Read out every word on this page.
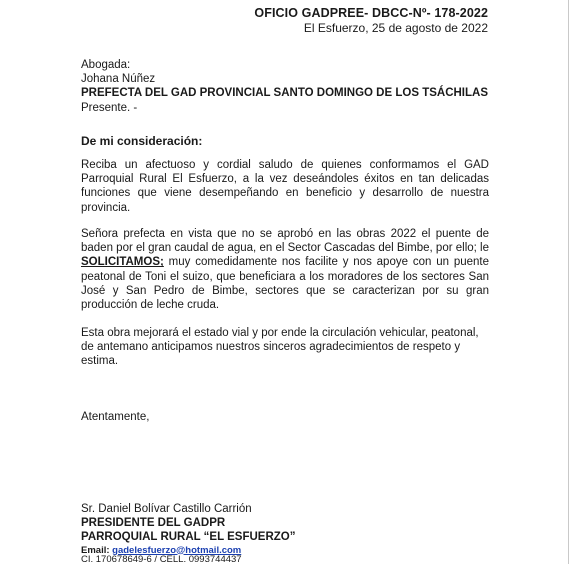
OFICIO GADPREE- DBCC-Nº- 178-2022
El Esfuerzo, 25 de agosto de 2022
Abogada:
Johana Núñez
PREFECTA DEL GAD PROVINCIAL SANTO DOMINGO DE LOS TSÁCHILAS
Presente. -
De mi consideración:
Reciba un afectuoso y cordial saludo de quienes conformamos el GAD Parroquial Rural El Esfuerzo, a la vez deseándoles éxitos en tan delicadas funciones que viene desempeñando en beneficio y desarrollo de nuestra provincia.
Señora prefecta en vista que no se aprobó en las obras 2022 el puente de baden por el gran caudal de agua, en el Sector Cascadas del Bimbe, por ello; le SOLICITAMOS; muy comedidamente nos facilite y nos apoye con un puente peatonal de Toni el suizo, que beneficiara a los moradores de los sectores San José y San Pedro de Bimbe, sectores que se caracterizan por su gran producción de leche cruda.
Esta obra mejorará el estado vial y por ende la circulación vehicular, peatonal, de antemano anticipamos nuestros sinceros agradecimientos de respeto y estima.
Atentamente,
Sr. Daniel Bolívar Castillo Carrión
PRESIDENTE DEL GADPR
PARROQUIAL RURAL “EL ESFUERZO”
Email: gadelesfuerzo@hotmail.com
CI. 170678649-6 / CELL. 0993744437
